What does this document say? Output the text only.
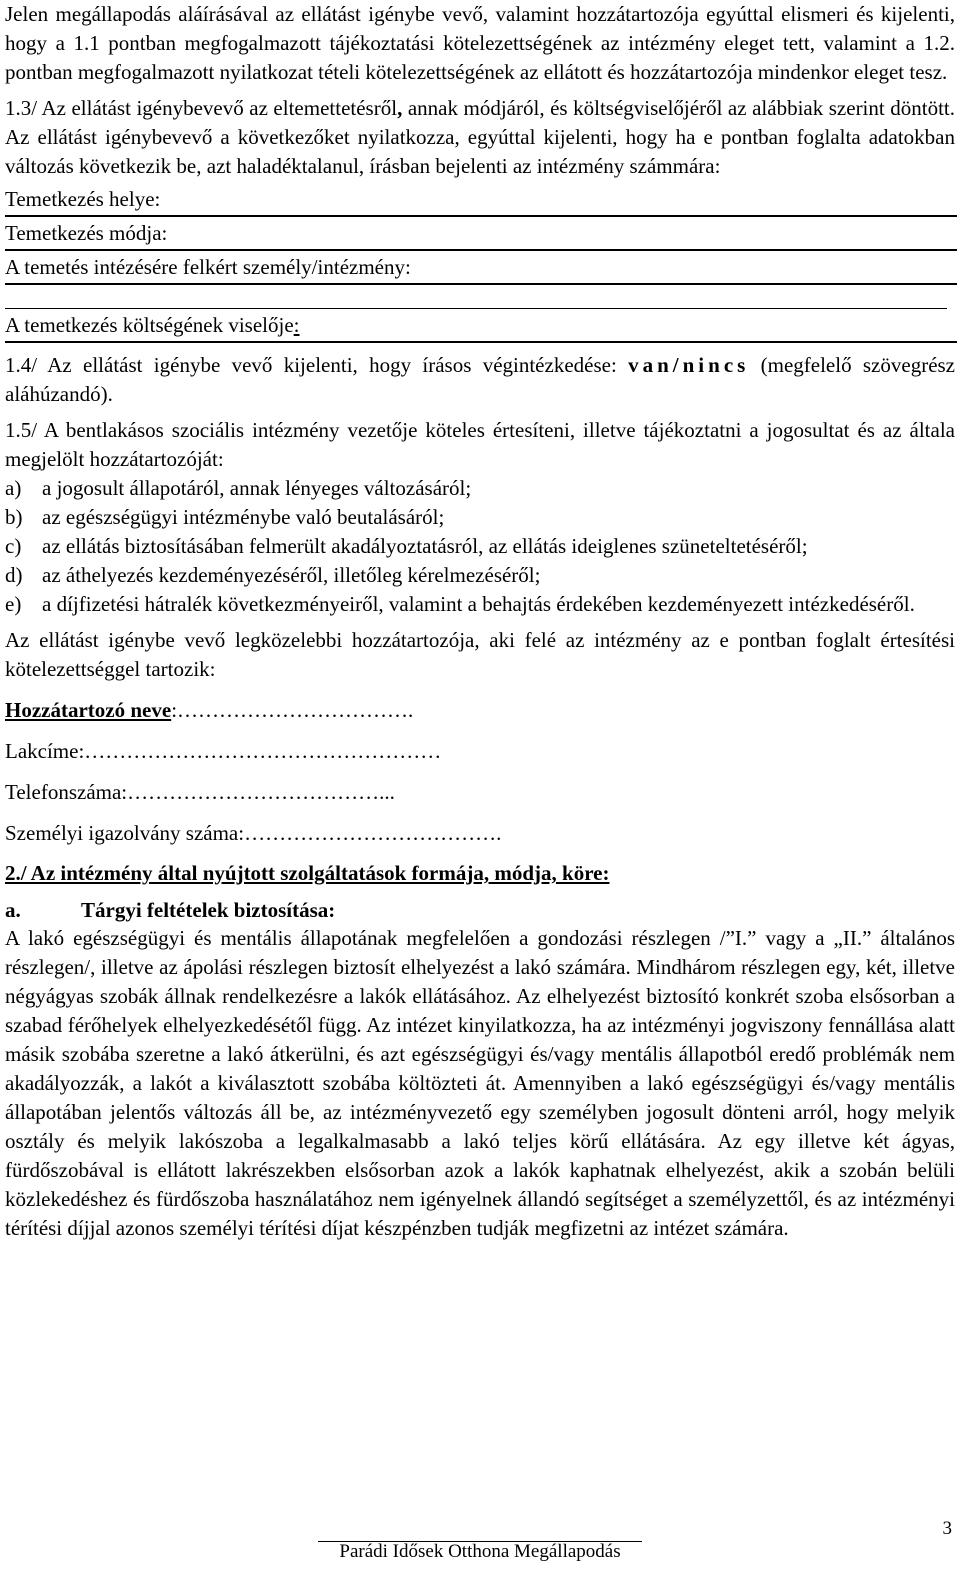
Jelen megállapodás aláírásával az ellátást igénybe vevő, valamint hozzátartozója egyúttal elismeri és kijelenti, hogy a 1.1 pontban megfogalmazott tájékoztatási kötelezettségének az intézmény eleget tett, valamint a 1.2. pontban megfogalmazott nyilatkozat tételi kötelezettségének az ellátott és hozzátartozója mindenkor eleget tesz.

1.3/ Az ellátást igénybevevő az eltemettetésről, annak módjáról, és költségviselőjéről az alábbiak szerint döntött. Az ellátást igénybevevő a következőket nyilatkozza, egyúttal kijelenti, hogy ha e pontban foglalta adatokban változás következik be, azt haladéktalanul, írásban bejelenti az intézmény számmára:

Temetkezés helye:
Temetkezés módja:
A temetés intézésére felkért személy/intézmény:
A temetkezés költségének viselője:

1.4/ Az ellátást igénybe vevő kijelenti, hogy írásos végintézkedése: van/nincs (megfelelő szövegrész aláhúzandó).

1.5/ A bentlakásos szociális intézmény vezetője köteles értesíteni, illetve tájékoztatni a jogosultat és az általa megjelölt hozzátartozóját:

a) a jogosult állapotáról, annak lényeges változásáról;
b) az egészségügyi intézménybe való beutalásáról;
c) az ellátás biztosításában felmerült akadályoztatásról, az ellátás ideiglenes szüneteltetéséről;
d) az áthelyezés kezdeményezéséről, illetőleg kérelmezéséről;
e) a díjfizetési hátralék következményeiről, valamint a behajtás érdekében kezdeményezett intézkedéséről.

Az ellátást igénybe vevő legközelebbi hozzátartozója, aki felé az intézmény az e pontban foglalt értesítési kötelezettséggel tartozik:

Hozzátartozó neve:…………………………….

Lakcíme:……………………………………………

Telefonszáma:………………………………...

Személyi igazolvány száma:……………………………….

2./ Az intézmény által nyújtott szolgáltatások formája, módja, köre:

a.	Tárgyi feltételek biztosítása:

A lakó egészségügyi és mentális állapotának megfelelően a gondozási részlegen /”I.” vagy a „II.” általános részlegen/, illetve az ápolási részlegen biztosít elhelyezést a lakó számára. Mindhárom részlegen egy, két, illetve négyágyas szobák állnak rendelkezésre a lakók ellátásához. Az elhelyezést biztosító konkrét szoba elsősorban a szabad férőhelyek elhelyezkedésétől függ. Az intézet kinyilatkozza, ha az intézményi jogviszony fennállása alatt másik szobába szeretne a lakó átkerülni, és azt egészségügyi és/vagy mentális állapotból eredő problémák nem akadályozzák, a lakót a kiválasztott szobába költözteti át. Amennyiben a lakó egészségügyi és/vagy mentális állapotában jelentős változás áll be, az intézményvezető egy személyben jogosult dönteni arról, hogy melyik osztály és melyik lakószoba a legalkalmasabb a lakó teljes körű ellátására. Az egy illetve két ágyas, fürdőszobával is ellátott lakrészekben elsősorban azok a lakók kaphatnak elhelyezést, akik a szobán belüli közlekedéshez és fürdőszoba használatához nem igényelnek állandó segítséget a személyzettől, és az intézményi térítési díjjal azonos személyi térítési díjat készpénzben tudják megfizetni az intézet számára.

3
Parádi Idősek Otthona Megállapodás
